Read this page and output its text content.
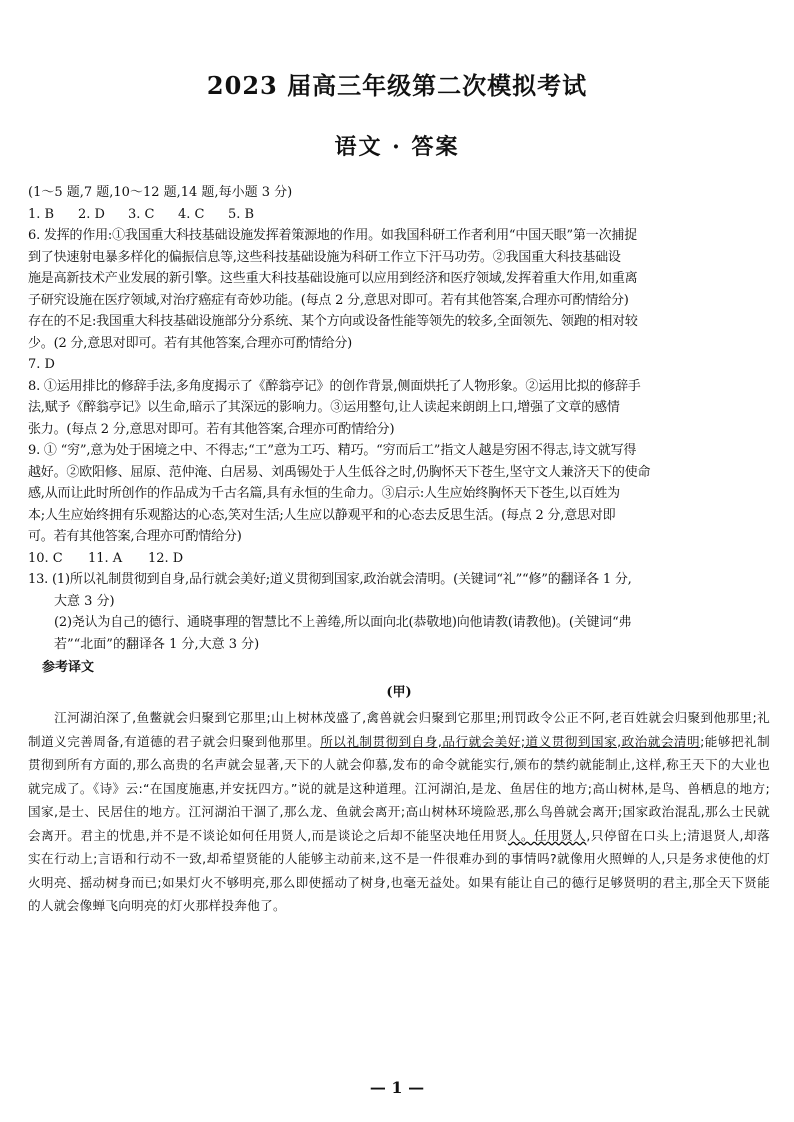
2023 届高三年级第二次模拟考试
语文 · 答案

(1～5 题,7 题,10～12 题,14 题,每小题 3 分)

1. B	2. D	3. C	4. C	5. B

6. 发挥的作用:①我国重大科技基础设施发挥着策源地的作用。如我国科研工作者利用“中国天眼”第一次捕捉

到了快速射电暴多样化的偏振信息等,这些科技基础设施为科研工作立下汗马功劳。②我国重大科技基础设

施是高新技术产业发展的新引擎。这些重大科技基础设施可以应用到经济和医疗领域,发挥着重大作用,如重离

子研究设施在医疗领域,对治疗癌症有奇妙功能。(每点 2 分,意思对即可。若有其他答案,合理亦可酌情给分)

存在的不足:我国重大科技基础设施部分分系统、某个方向或设备性能等领先的较多,全面领先、领跑的相对较

少。(2 分,意思对即可。若有其他答案,合理亦可酌情给分)

7. D

8. ①运用排比的修辞手法,多角度揭示了《醉翁亭记》的创作背景,侧面烘托了人物形象。②运用比拟的修辞手

法,赋予《醉翁亭记》以生命,暗示了其深远的影响力。③运用整句,让人读起来朗朗上口,增强了文章的感情

张力。(每点 2 分,意思对即可。若有其他答案,合理亦可酌情给分)

9. ① “穷”,意为处于困境之中、不得志;“工”意为工巧、精巧。“穷而后工”指文人越是穷困不得志,诗文就写得

越好。②欧阳修、屈原、范仲淹、白居易、刘禹锡处于人生低谷之时,仍胸怀天下苍生,坚守文人兼济天下的使命

感,从而让此时所创作的作品成为千古名篇,具有永恒的生命力。③启示:人生应始终胸怀天下苍生,以百姓为

本;人生应始终拥有乐观豁达的心态,笑对生活;人生应以静观平和的心态去反思生活。(每点 2 分,意思对即

可。若有其他答案,合理亦可酌情给分)

10. C	11. A	12. D

13. (1)所以礼制贯彻到自身,品行就会美好;道义贯彻到国家,政治就会清明。(关键词“礼”“修”的翻译各 1 分,

大意 3 分)

(2)尧认为自己的德行、通晓事理的智慧比不上善绻,所以面向北(恭敬地)向他请教(请教他)。(关键词“弗

若”“北面”的翻译各 1 分,大意 3 分)

参考译文
(甲)

江河湖泊深了,鱼鳖就会归聚到它那里;山上树林茂盛了,禽兽就会归聚到它那里;刑罚政令公正不阿,老百姓就会归聚到他那里;礼制道义完善周备,有道德的君子就会归聚到他那里。所以礼制贯彻到自身,品行就会美好;道义贯彻到国家,政治就会清明;能够把礼制贯彻到所有方面的,那么高贵的名声就会显著,天下的人就会仰慕,发布的命令就能实行,颁布的禁约就能制止,这样,称王天下的大业也就完成了。《诗》云:“在国度施惠,并安抚四方。”说的就是这种道理。江河湖泊,是龙、鱼居住的地方;高山树林,是鸟、兽栖息的地方;国家,是士、民居住的地方。江河湖泊干涸了,那么龙、鱼就会离开;高山树林环境险恶,那么鸟兽就会离开;国家政治混乱,那么士民就会离开。君主的忧患,并不是不谈论如何任用贤人,而是谈论之后却不能坚决地任用贤人。任用贤人,只停留在口头上;清退贤人,却落实在行动上;言语和行动不一致,却希望贤能的人能够主动前来,这不是一件很难办到的事情吗?就像用火照蝉的人,只是务求使他的灯火明亮、摇动树身而已;如果灯火不够明亮,那么即使摇动了树身,也毫无益处。如果有能让自己的德行足够贤明的君主,那全天下贤能的人就会像蝉飞向明亮的灯火那样投奔他了。

— 1 —
